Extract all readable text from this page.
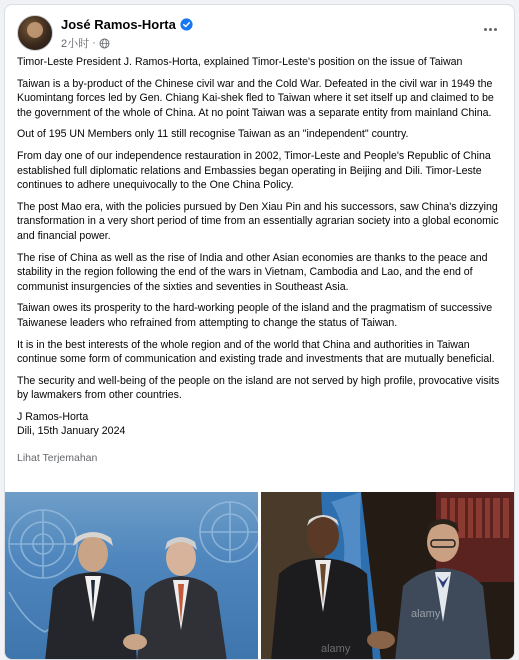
José Ramos-Horta
2小时 ·

Timor-Leste President J. Ramos-Horta, explained Timor-Leste's position on the issue of Taiwan

Taiwan is a by-product of the Chinese civil war and the Cold War. Defeated in the civil war in 1949 the Kuomintang forces led by Gen. Chiang Kai-shek fled to Taiwan where it set itself up and claimed to be the government of the whole of China. At no point Taiwan was a separate entity from mainland China.

Out of 195 UN Members only 11 still recognise Taiwan as an "independent" country.

From day one of our independence restauration in 2002, Timor-Leste and People's Republic of China established full diplomatic relations and Embassies began operating in Beijing and Dili. Timor-Leste continues to adhere unequivocally to the One China Policy.

The post Mao era, with the policies pursued by Den Xiau Pin and his successors, saw China's dizzying transformation in a very short period of time from an essentially agrarian society into a global economic and financial power.

The rise of China as well as the rise of India and other Asian economies are thanks to the peace and stability in the region following the end of the wars in Vietnam, Cambodia and Lao, and the end of communist insurgencies of the sixties and seventies in Southeast Asia.

Taiwan owes its prosperity to the hard-working people of the island and the pragmatism of successive Taiwanese leaders who refrained from attempting to change the status of Taiwan.

It is in the best interests of the whole region and of the world that China and authorities in Taiwan continue some form of communication and existing trade and investments that are mutually beneficial.

The security and well-being of the people on the island are not served by high profile, provocative visits by lawmakers from other countries.

J Ramos-Horta

Dili, 15th January 2024

Lihat Terjemahan
alamy
alamy
